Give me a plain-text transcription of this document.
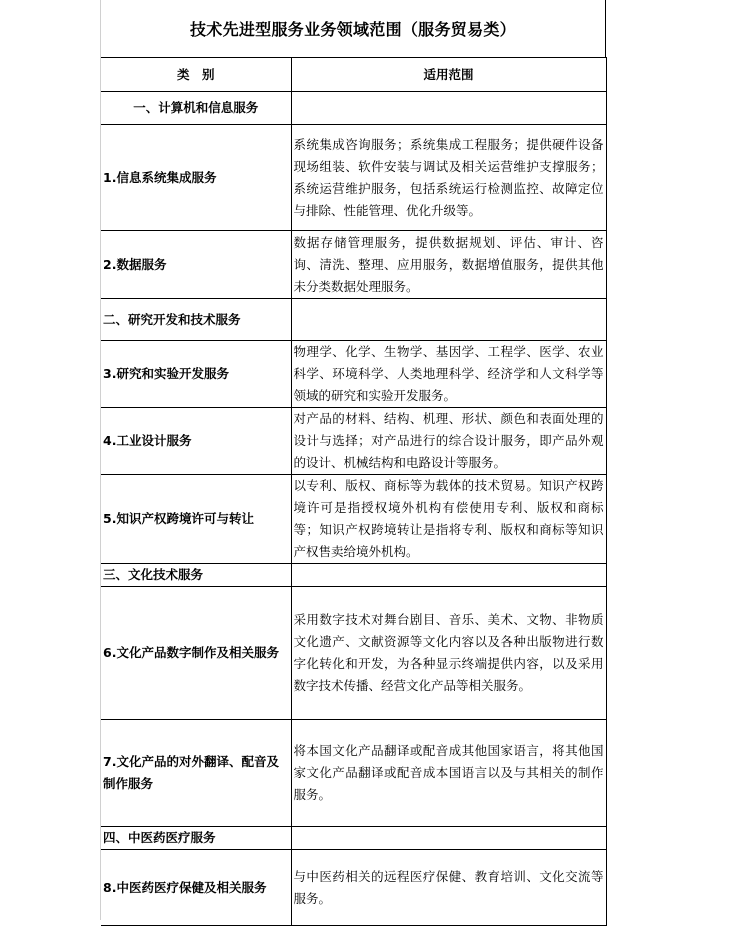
技术先进型服务业务领域范围（服务贸易类）
类　别	适用范围
一、计算机和信息服务	
1.信息系统集成服务	系统集成咨询服务；系统集成工程服务；提供硬件设备现场组装、软件安装与调试及相关运营维护支撑服务；系统运营维护服务，包括系统运行检测监控、故障定位与排除、性能管理、优化升级等。
2.数据服务	数据存储管理服务，提供数据规划、评估、审计、咨询、清洗、整理、应用服务，数据增值服务，提供其他未分类数据处理服务。
二、研究开发和技术服务	
3.研究和实验开发服务	物理学、化学、生物学、基因学、工程学、医学、农业科学、环境科学、人类地理科学、经济学和人文科学等领域的研究和实验开发服务。
4.工业设计服务	对产品的材料、结构、机理、形状、颜色和表面处理的设计与选择；对产品进行的综合设计服务，即产品外观的设计、机械结构和电路设计等服务。
5.知识产权跨境许可与转让	以专利、版权、商标等为载体的技术贸易。知识产权跨境许可是指授权境外机构有偿使用专利、版权和商标等；知识产权跨境转让是指将专利、版权和商标等知识产权售卖给境外机构。
三、文化技术服务	
6.文化产品数字制作及相关服务	采用数字技术对舞台剧目、音乐、美术、文物、非物质文化遗产、文献资源等文化内容以及各种出版物进行数字化转化和开发，为各种显示终端提供内容，以及采用数字技术传播、经营文化产品等相关服务。
7.文化产品的对外翻译、配音及制作服务	将本国文化产品翻译或配音成其他国家语言，将其他国家文化产品翻译或配音成本国语言以及与其相关的制作服务。
四、中医药医疗服务	
8.中医药医疗保健及相关服务	与中医药相关的远程医疗保健、教育培训、文化交流等服务。
